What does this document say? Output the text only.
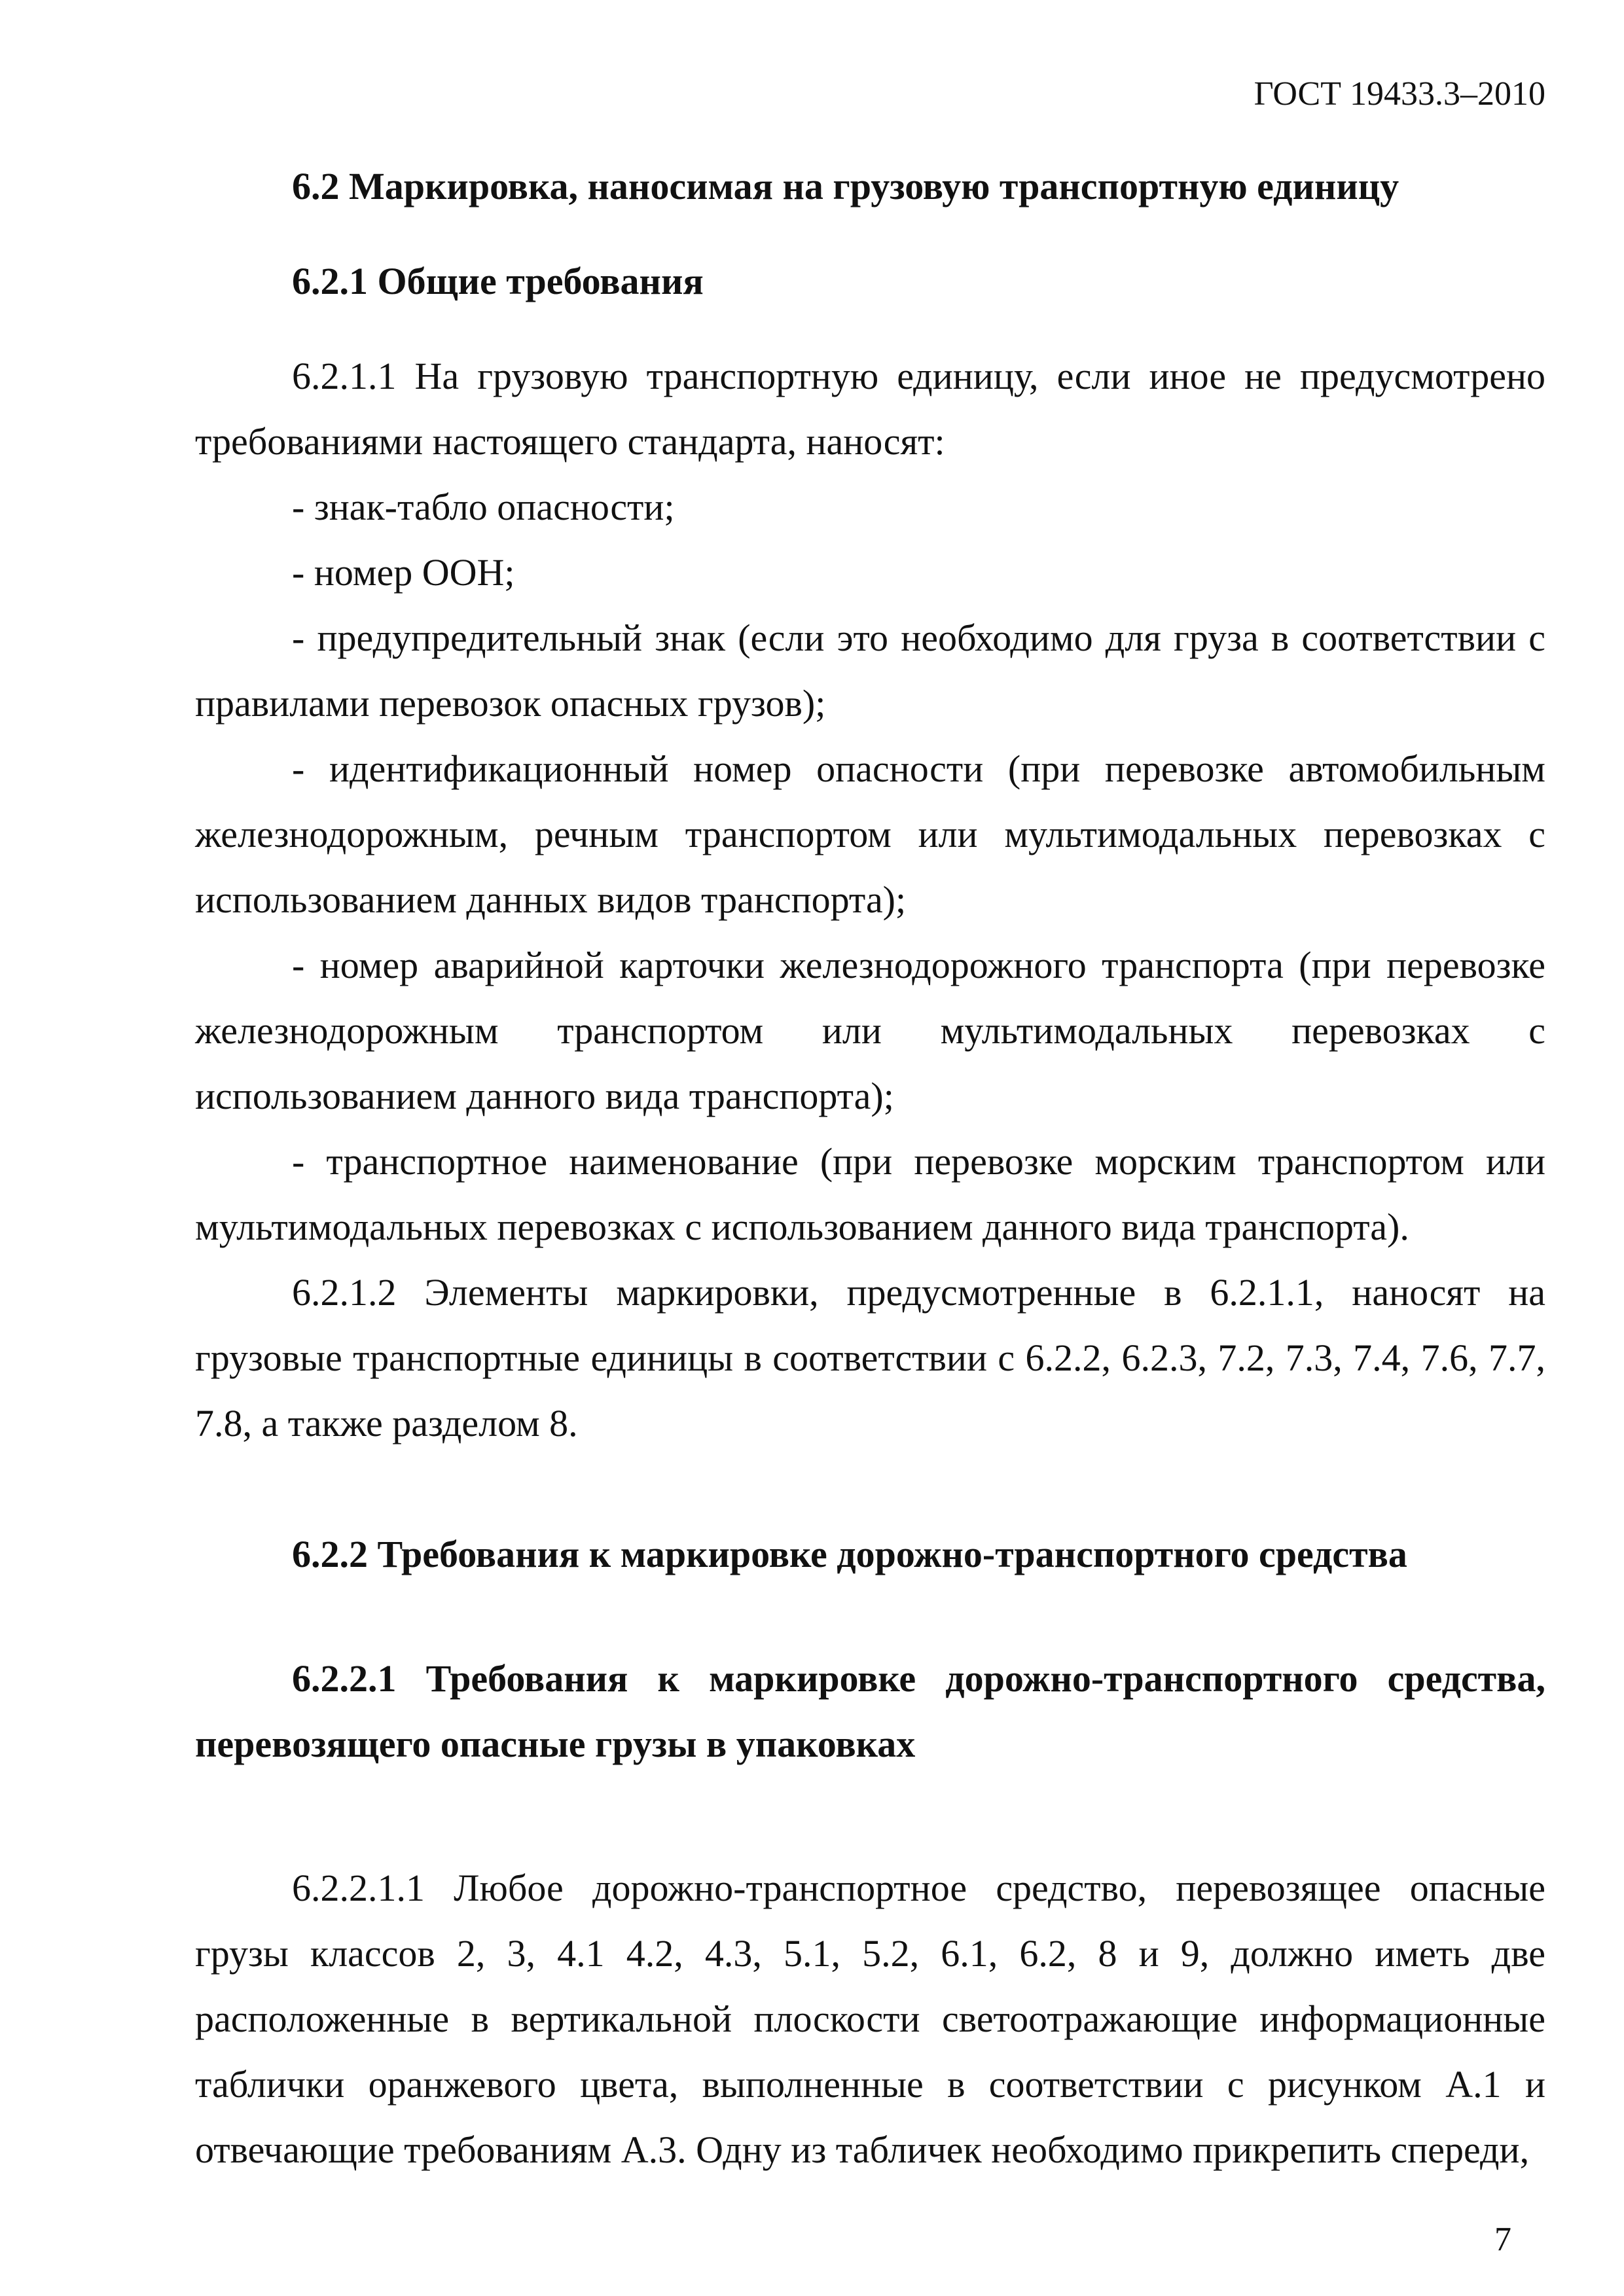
ГОСТ 19433.3–2010

6.2 Маркировка, наносимая на грузовую транспортную единицу

6.2.1 Общие требования

6.2.1.1 На грузовую транспортную единицу, если иное не предусмотрено требованиями настоящего стандарта, наносят:

- знак-табло опасности;

- номер ООН;

- предупредительный знак (если это необходимо для груза в соответствии с правилами перевозок опасных грузов);

- идентификационный номер опасности (при перевозке автомобильным железнодорожным, речным транспортом или мультимодальных перевозках с использованием данных видов транспорта);

- номер аварийной карточки железнодорожного транспорта (при перевозке железнодорожным транспортом или мультимодальных перевозках с использованием данного вида транспорта);

- транспортное наименование (при перевозке морским транспортом или мультимодальных перевозках с использованием данного вида транспорта).

6.2.1.2 Элементы маркировки, предусмотренные в 6.2.1.1, наносят на грузовые транспортные единицы в соответствии с 6.2.2, 6.2.3, 7.2, 7.3, 7.4, 7.6, 7.7, 7.8, а также разделом 8.

6.2.2 Требования к маркировке дорожно-транспортного средства

6.2.2.1 Требования к маркировке дорожно-транспортного средства, перевозящего опасные грузы в упаковках

6.2.2.1.1 Любое дорожно-транспортное средство, перевозящее опасные грузы классов 2, 3, 4.1 4.2, 4.3, 5.1, 5.2, 6.1, 6.2, 8 и 9, должно иметь две расположенные в вертикальной плоскости светоотражающие информационные таблички оранжевого цвета, выполненные в соответствии с рисунком А.1 и отвечающие требованиям А.3. Одну из табличек необходимо прикрепить спереди,

7
